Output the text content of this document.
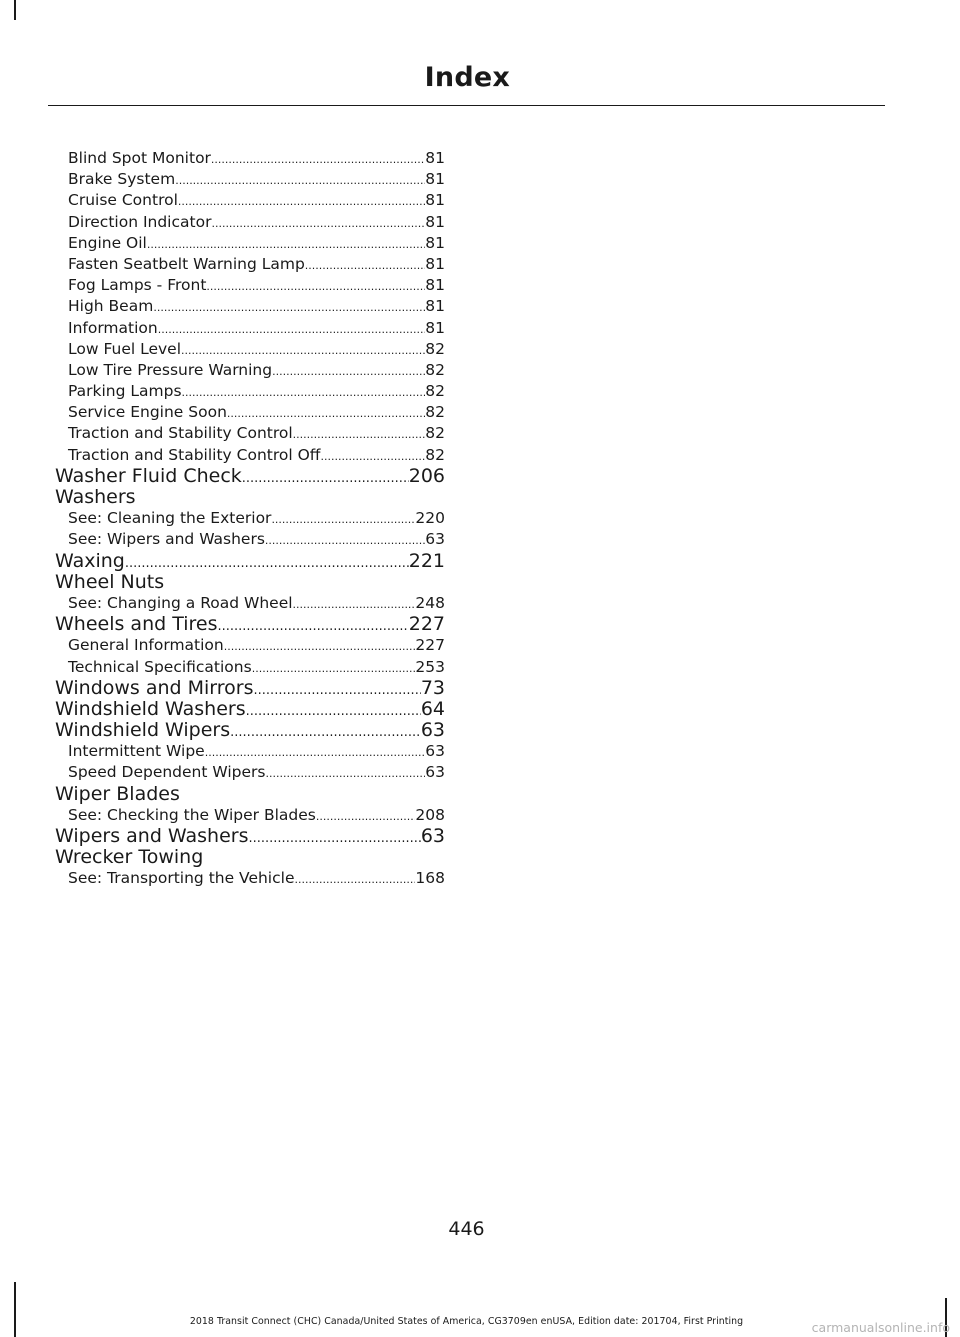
Index
Blind Spot Monitor .....	81
Brake System .....	81
Cruise Control .....	81
Direction Indicator .....	81
Engine Oil .....	81
Fasten Seatbelt Warning Lamp .....	81
Fog Lamps - Front .....	81
High Beam .....	81
Information .....	81
Low Fuel Level .....	82
Low Tire Pressure Warning .....	82
Parking Lamps .....	82
Service Engine Soon .....	82
Traction and Stability Control .....	82
Traction and Stability Control Off .....	82
Washer Fluid Check .....	206
Washers
See: Cleaning the Exterior .....	220
See: Wipers and Washers .....	63
Waxing .....	221
Wheel Nuts
See: Changing a Road Wheel .....	248
Wheels and Tires .....	227
General Information .....	227
Technical Specifications .....	253
Windows and Mirrors .....	73
Windshield Washers .....	64
Windshield Wipers .....	63
Intermittent Wipe .....	63
Speed Dependent Wipers .....	63
Wiper Blades
See: Checking the Wiper Blades .....	208
Wipers and Washers .....	63
Wrecker Towing
See: Transporting the Vehicle .....	168
446
2018 Transit Connect (CHC) Canada/United States of America, CG3709en enUSA, Edition date: 201704, First Printing	carmanualsonline.info
